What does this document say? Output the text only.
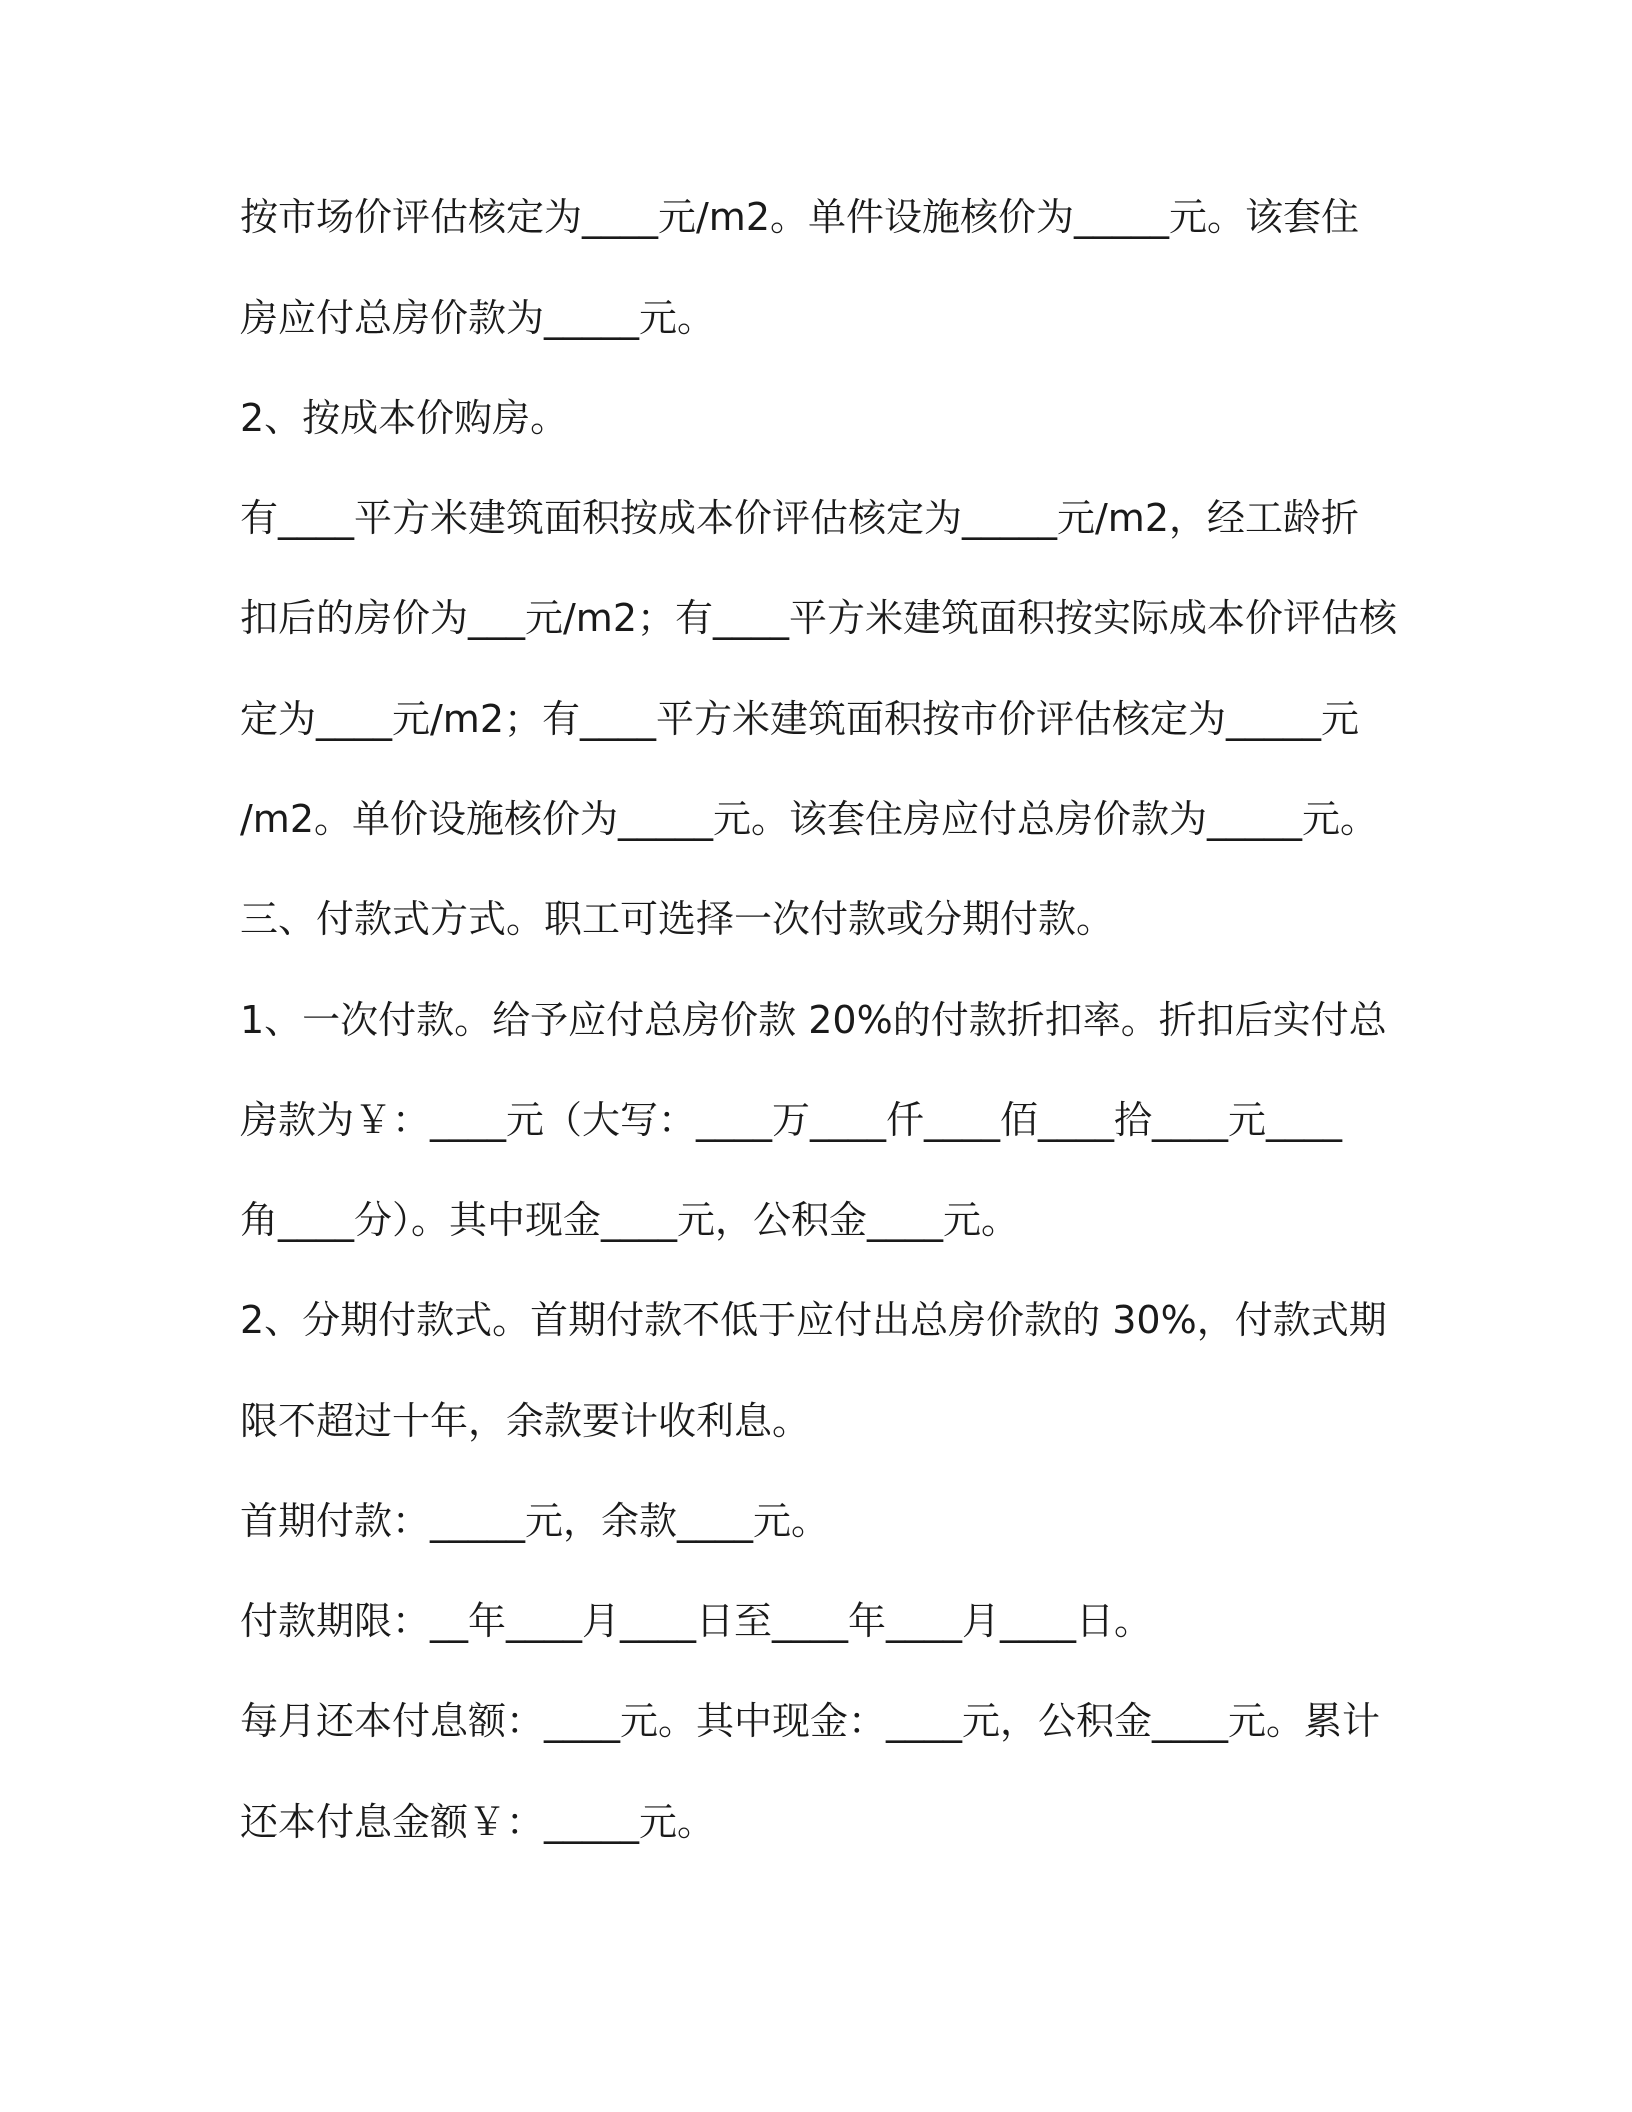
按市场价评估核定为____元/m2。单件设施核价为_____元。该套住
房应付总房价款为_____元。
2、按成本价购房。
有____平方米建筑面积按成本价评估核定为_____元/m2，经工龄折
扣后的房价为___元/m2；有____平方米建筑面积按实际成本价评估核
定为____元/m2；有____平方米建筑面积按市价评估核定为_____元
/m2。单价设施核价为_____元。该套住房应付总房价款为_____元。
三、付款式方式。职工可选择一次付款或分期付款。
1、一次付款。给予应付总房价款 20%的付款折扣率。折扣后实付总
房款为￥：____元（大写：____万____仟____佰____拾____元____
角____分）。其中现金____元，公积金____元。
2、分期付款式。首期付款不低于应付出总房价款的 30%，付款式期
限不超过十年，余款要计收利息。
首期付款：_____元，余款____元。
付款期限：__年____月____日至____年____月____日。
每月还本付息额：____元。其中现金：____元，公积金____元。累计
还本付息金额￥：_____元。
